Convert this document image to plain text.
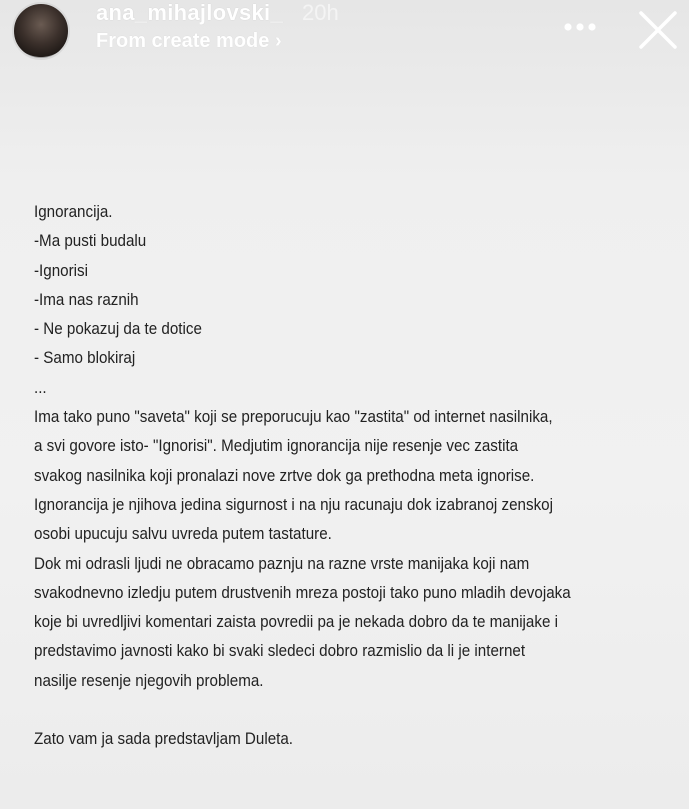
ana_mihajlovski_ 20h
From create mode ›
Ignorancija.
-Ma pusti budalu
-Ignorisi
-Ima nas raznih
- Ne pokazuj da te dotice
- Samo blokiraj
...
Ima tako puno "saveta" koji se preporucuju kao "zastita" od internet nasilnika,
a svi govore isto- "Ignorisi". Medjutim ignorancija nije resenje vec zastita
svakog nasilnika koji pronalazi nove zrtve dok ga prethodna meta ignorise.
Ignorancija je njihova jedina sigurnost i na nju racunaju dok izabranoj zenskoj
osobi upucuju salvu uvreda putem tastature.
Dok mi odrasli ljudi ne obracamo paznju na razne vrste manijaka koji nam
svakodnevno izledju putem drustvenih mreza postoji tako puno mladih devojaka
koje bi uvredljivi komentari zaista povredii pa je nekada dobro da te manijake i
predstavimo javnosti kako bi svaki sledeci dobro razmislio da li je internet
nasilje resenje njegovih problema.

Zato vam ja sada predstavljam Duleta.
